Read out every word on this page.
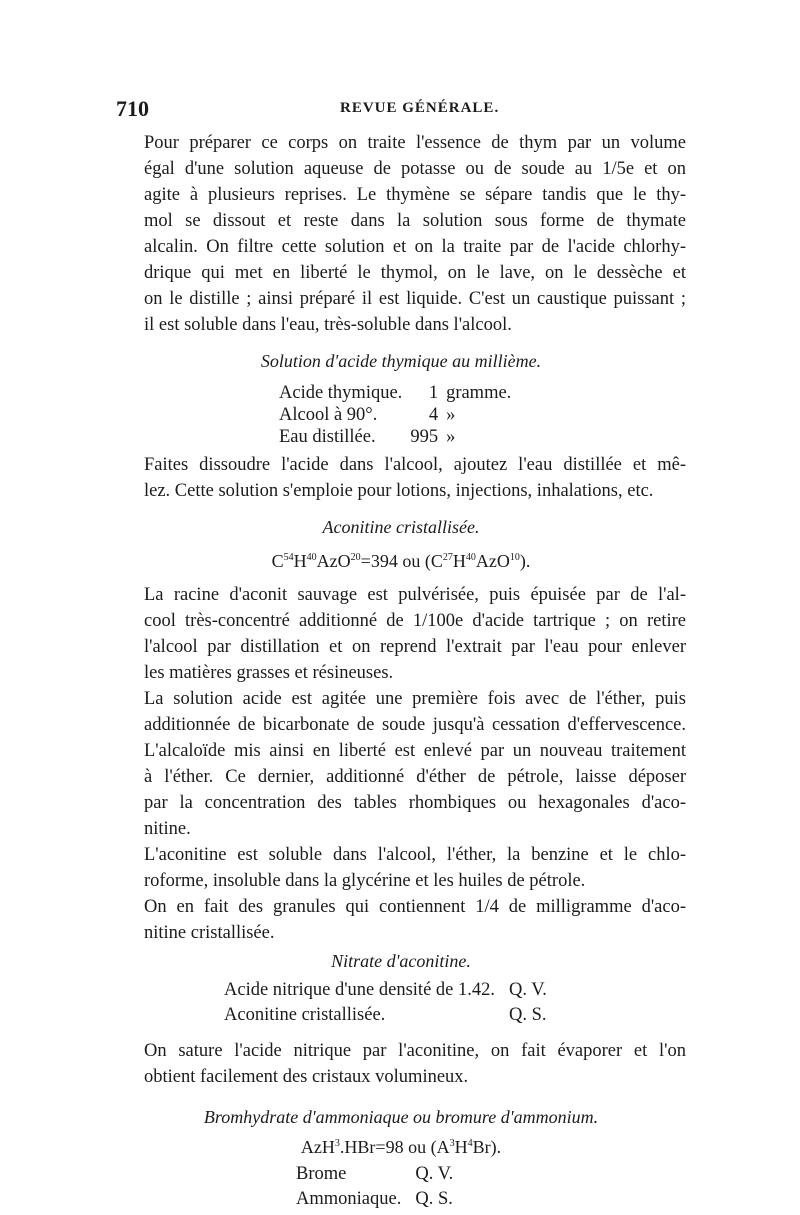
710	REVUE GÉNÉRALE.

Pour préparer ce corps on traite l'essence de thym par un volume
égal d'une solution aqueuse de potasse ou de soude au 1/5e et on
agite à plusieurs reprises. Le thymène se sépare tandis que le thy-
mol se dissout et reste dans la solution sous forme de thymate
alcalin. On filtre cette solution et on la traite par de l'acide chlorhy-
drique qui met en liberté le thymol, on le lave, on le dessèche et
on le distille ; ainsi préparé il est liquide. C'est un caustique puissant ;
il est soluble dans l'eau, très-soluble dans l'alcool.

Solution d'acide thymique au millième.
Acide thymique.	1	gramme.
Alcool à 90°.	4	»
Eau distillée.	995	»

Faites dissoudre l'acide dans l'alcool, ajoutez l'eau distillée et mê-
lez. Cette solution s'emploie pour lotions, injections, inhalations, etc.

Aconitine cristallisée.
$C^{54}H^{40}AzO^{20}=394$ ou $(C^{27}H^{40}AzO^{10})$.

La racine d'aconit sauvage est pulvérisée, puis épuisée par de l'al-
cool très-concentré additionné de 1/100e d'acide tartrique ; on retire
l'alcool par distillation et on reprend l'extrait par l'eau pour enlever
les matières grasses et résineuses.

La solution acide est agitée une première fois avec de l'éther, puis
additionnée de bicarbonate de soude jusqu'à cessation d'effervescence.
L'alcaloïde mis ainsi en liberté est enlevé par un nouveau traitement
à l'éther. Ce dernier, additionné d'éther de pétrole, laisse déposer
par la concentration des tables rhombiques ou hexagonales d'aco-
nitine.

L'aconitine est soluble dans l'alcool, l'éther, la benzine et le chlo-
roforme, insoluble dans la glycérine et les huiles de pétrole.

On en fait des granules qui contiennent 1/4 de milligramme d'aco-
nitine cristallisée.

Nitrate d'aconitine.
Acide nitrique d'une densité de 1.42.	Q. V.
Aconitine cristallisée.	Q. S.

On sature l'acide nitrique par l'aconitine, on fait évaporer et l'on
obtient facilement des cristaux volumineux.

Bromhydrate d'ammoniaque ou bromure d'ammonium.
AzH$^3$.HBr=98 ou $(A^3H^4Br)$.
Brome	Q. V.
Ammoniaque.	Q. S.
